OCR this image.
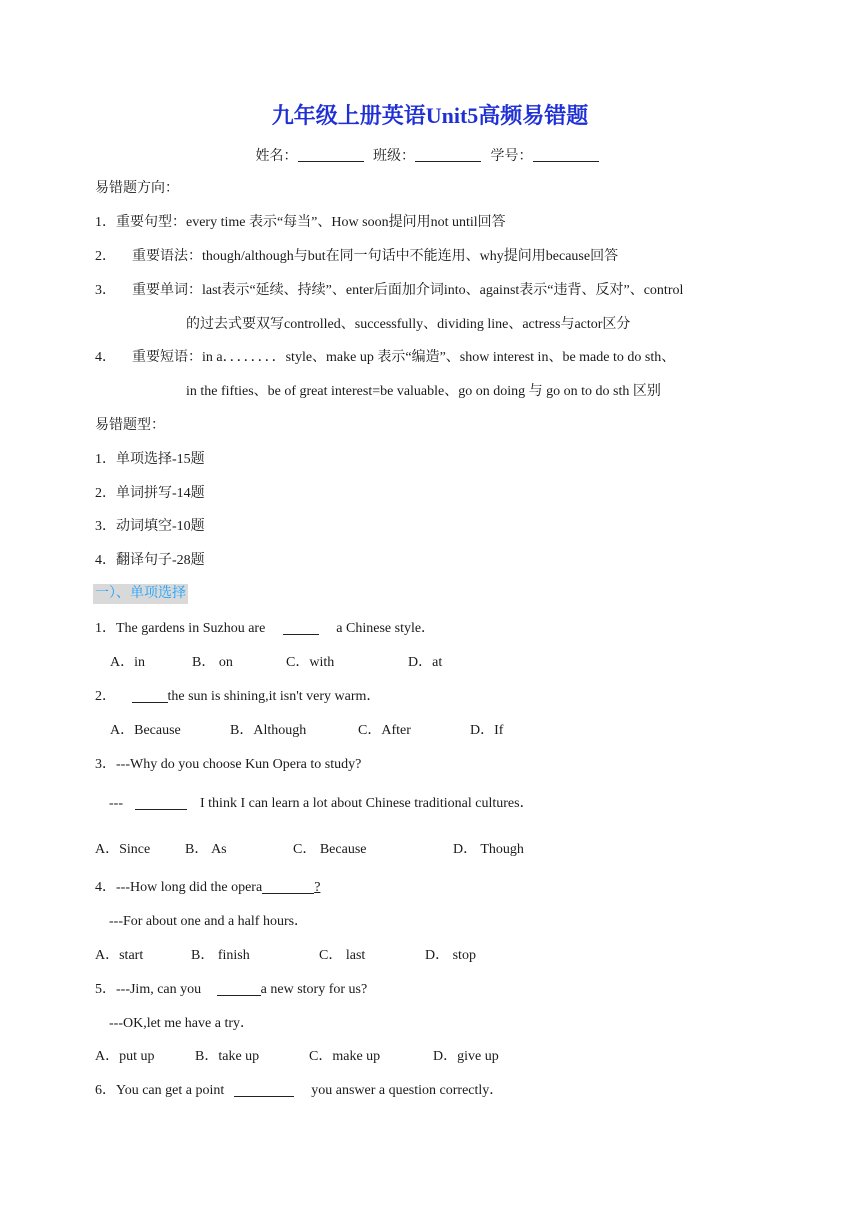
九年级上册英语Unit5高频易错题
姓名：	班级：	学号：
易错题方向：
1．重要句型：every time 表示“每当”、How soon提问用not until回答
2． 重要语法：though/although与but在同一句话中不能连用、why提问用because回答
3． 重要单词：last表示“延续、持续”、enter后面加介词into、against表示“违背、反对”、control
的过去式要双写controlled、successfully、dividing line、actress与actor区分
4． 重要短语：in a．．．．．．．．style、make up 表示“编造”、show interest in、be made to do sth、
in the fifties、be of great interest=be valuable、go on doing 与 go on to do sth 区别
易错题型：
1．单项选择-15题
2．单词拼写-14题
3．动词填空-10题
4．翻译句子-28题
一）、单项选择
1．The gardens in Suzhou are	a Chinese style．
A．in	B． on	C．with	D．at
2．	the sun is shining,it isn't very warm．
A．Because	B．Although	C．After	D．If
3．---Why do you choose Kun Opera to study?
---	I think I can learn a lot about Chinese traditional cultures．
A．Since B． As	C． Because	D． Though
4．---How long did the opera	?
---For about one and a half hours．
A．start	B． finish	C． last	D． stop
5．---Jim, can you	a new story for us?
---OK,let me have a try．
A．put up	B．take up	C．make up	D．give up
6．You can get a point	you answer a question correctly．
